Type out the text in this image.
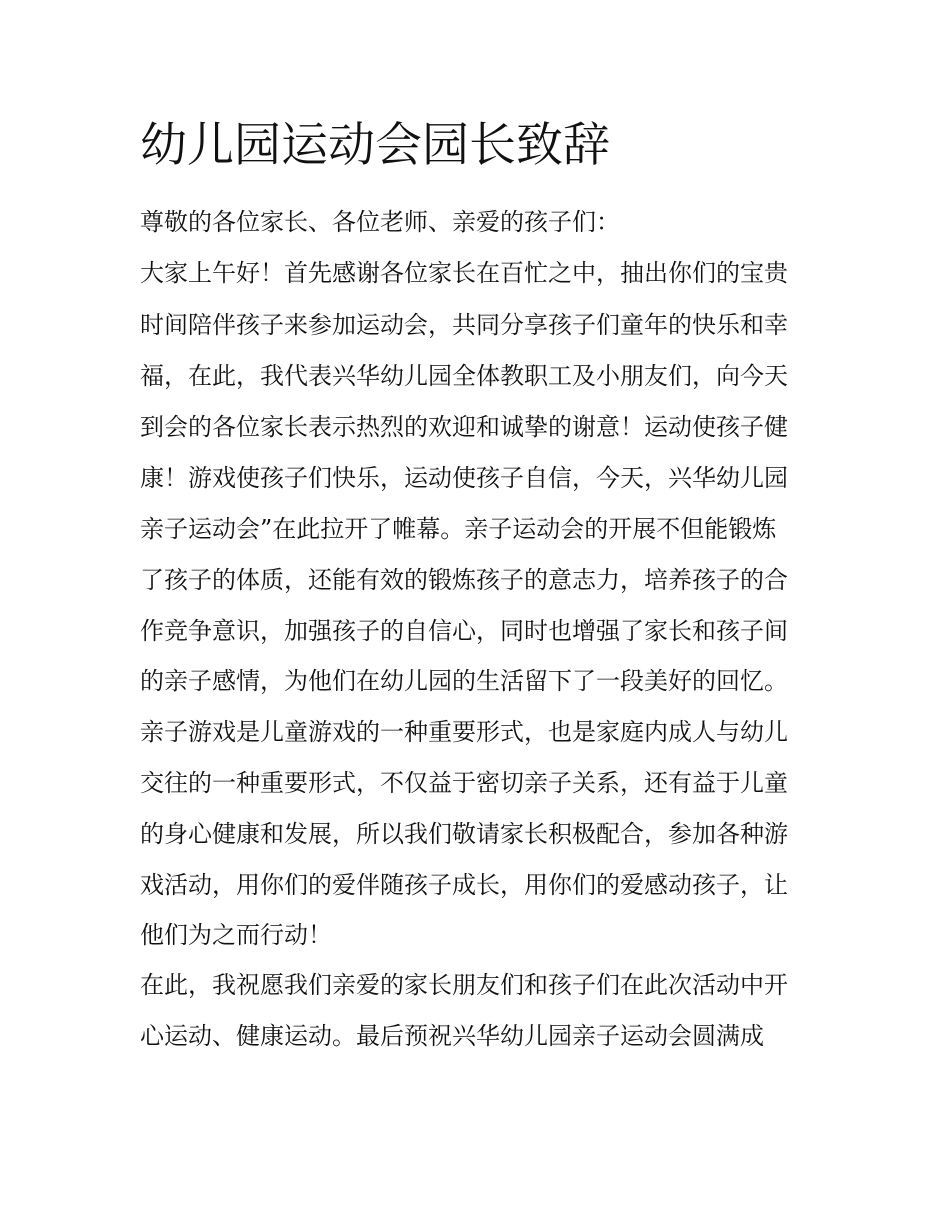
幼儿园运动会园长致辞

尊敬的各位家长、各位老师、亲爱的孩子们：

大家上午好！首先感谢各位家长在百忙之中，抽出你们的宝贵

时间陪伴孩子来参加运动会，共同分享孩子们童年的快乐和幸

福，在此，我代表兴华幼儿园全体教职工及小朋友们，向今天

到会的各位家长表示热烈的欢迎和诚挚的谢意！运动使孩子健

康！游戏使孩子们快乐，运动使孩子自信，今天，兴华幼儿园

亲子运动会”在此拉开了帷幕。亲子运动会的开展不但能锻炼

了孩子的体质，还能有效的锻炼孩子的意志力，培养孩子的合

作竞争意识，加强孩子的自信心，同时也增强了家长和孩子间

的亲子感情，为他们在幼儿园的生活留下了一段美好的回忆。

亲子游戏是儿童游戏的一种重要形式，也是家庭内成人与幼儿

交往的一种重要形式，不仅益于密切亲子关系，还有益于儿童

的身心健康和发展，所以我们敬请家长积极配合，参加各种游

戏活动，用你们的爱伴随孩子成长，用你们的爱感动孩子，让

他们为之而行动！

在此，我祝愿我们亲爱的家长朋友们和孩子们在此次活动中开

心运动、健康运动。最后预祝兴华幼儿园亲子运动会圆满成
